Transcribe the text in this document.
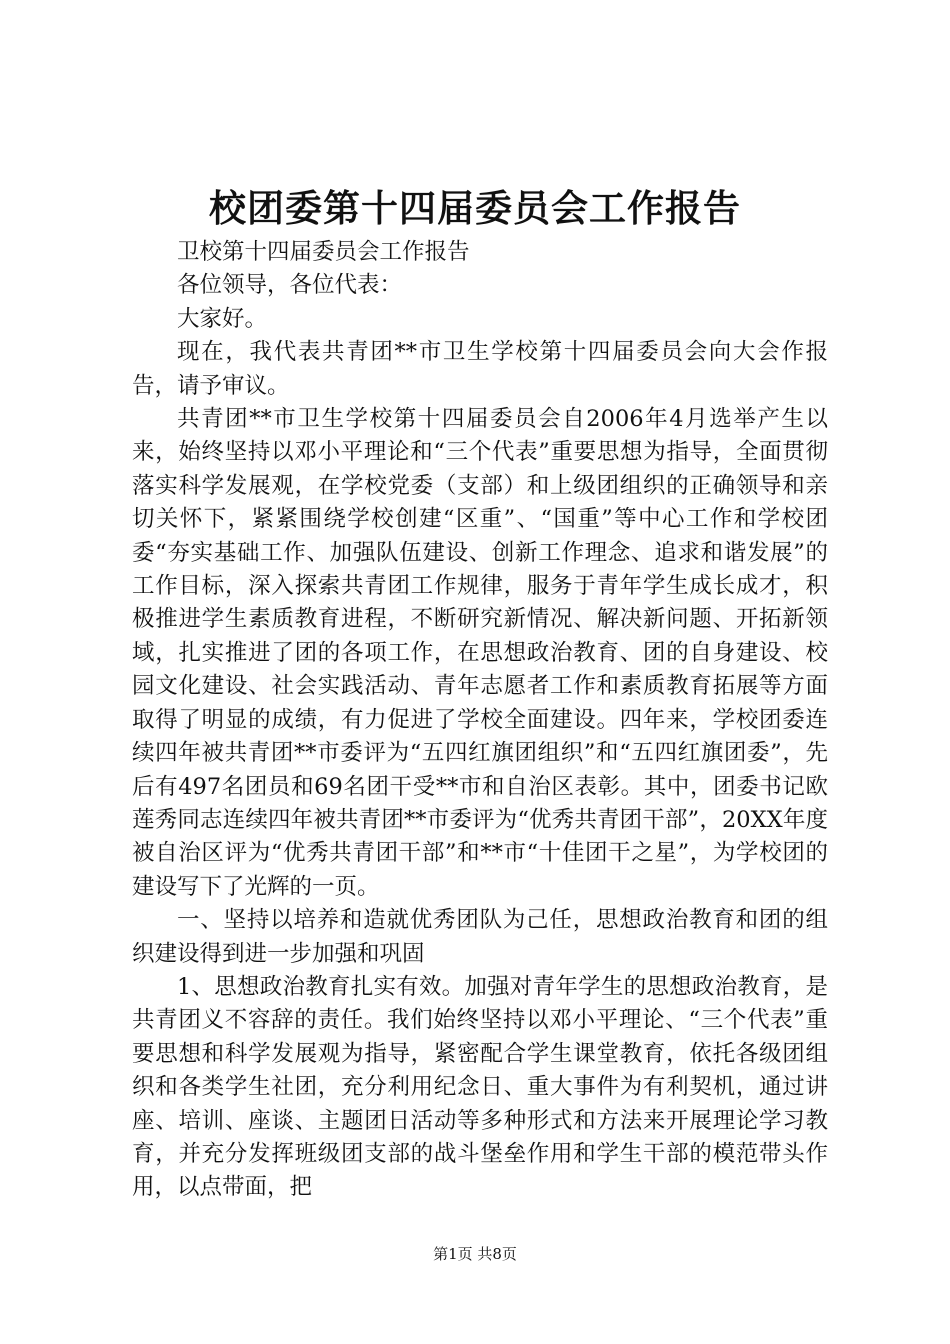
校团委第十四届委员会工作报告

卫校第十四届委员会工作报告

各位领导，各位代表：

大家好。

现在，我代表共青团**市卫生学校第十四届委员会向大会作报告，请予审议。

共青团**市卫生学校第十四届委员会自2006年4月选举产生以来，始终坚持以邓小平理论和“三个代表”重要思想为指导，全面贯彻落实科学发展观，在学校党委（支部）和上级团组织的正确领导和亲切关怀下，紧紧围绕学校创建“区重”、“国重”等中心工作和学校团委“夯实基础工作、加强队伍建设、创新工作理念、追求和谐发展”的工作目标，深入探索共青团工作规律，服务于青年学生成长成才，积极推进学生素质教育进程，不断研究新情况、解决新问题、开拓新领域，扎实推进了团的各项工作，在思想政治教育、团的自身建设、校园文化建设、社会实践活动、青年志愿者工作和素质教育拓展等方面取得了明显的成绩，有力促进了学校全面建设。四年来，学校团委连续四年被共青团**市委评为“五四红旗团组织”和“五四红旗团委”，先后有497名团员和69名团干受**市和自治区表彰。其中，团委书记欧莲秀同志连续四年被共青团**市委评为“优秀共青团干部”，20XX年度被自治区评为“优秀共青团干部”和**市“十佳团干之星”，为学校团的建设写下了光辉的一页。

一、坚持以培养和造就优秀团队为己任，思想政治教育和团的组织建设得到进一步加强和巩固

1、思想政治教育扎实有效。加强对青年学生的思想政治教育，是共青团义不容辞的责任。我们始终坚持以邓小平理论、“三个代表”重要思想和科学发展观为指导，紧密配合学生课堂教育，依托各级团组织和各类学生社团，充分利用纪念日、重大事件为有利契机，通过讲座、培训、座谈、主题团日活动等多种形式和方法来开展理论学习教育，并充分发挥班级团支部的战斗堡垒作用和学生干部的模范带头作用，以点带面，把

第1页 共8页
